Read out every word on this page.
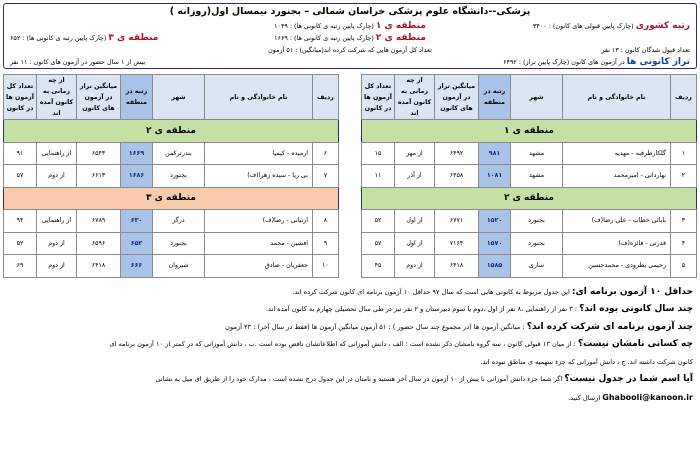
پزشکی--دانشگاه علوم پزشکی خراسان شمالی – بجنورد نیمسال اول(روزانه )
رتبه کشوری (چارک پایین قبولی های کانون) : ۳۴۰۰
منطقه ی ۱ (چارک پایین رتبه ی کانونی ها) : ۱۰۴۹
منطقه ی ۲ (چارک پایین رتبه ی کانونی ها) : ۱۶۶۹
منطقه ی ۳ (چارک پایین رتبه ی کانونی ها) : ۶۵۲
تعداد قبول شدگان کانون : ۱۳ نفر
تعداد کل آزمون هایی که شرکت کرده اند(میانگین) : ۵۱ آزمون
تراز کانونی ها در آزمون های کانون (چارک پایین تراز) : ۶۴۹۲
بیش از ۱ سال حضور در آزمون های کانون : ۱۱ نفر
ردیف	نام خانوادگی و نام	شهر	رتبه در منطقه	میانگین تراز در آزمون های کانون	از چه زمانی به کانون آمده اند	تعداد کل آزمون ها در کانون
منطقه ی ۱						
۱	گلکارطرفبه - مهدیه	مشهد	۹۸۱	۶۴۹۲	از مهر	۱۵
۲	نهاردانی - امیرمحمد	مشهد	۱۰۸۱	۶۴۵۸	از آذر	۱۱
منطقه ی ۲						
۳	بابائی خطاب - علی رضا(ف)	بجنورد	۱۵۲۰	۶۷۷۱	از اول	۵۲
۴	قدرتی - فائزه(ف)	بجنورد	۱۵۷۰	۷۱۶۴	از اول	۵۷
۵	رحیمی یطرودی - محمدحسین	ساری	۱۵۸۵	۶۴۱۸	از دوم	۴۵
ردیف	نام خانوادگی و نام	شهر	رتبه در منطقه	میانگین تراز در آزمون های کانون	از چه زمانی به کانون آمده اند	تعداد کل آزمون ها در کانون
منطقه ی ۲						
۶	ارمیده - کیمیا	بندرترکمن	۱۶۶۹	۶۵۴۳	از راهنمایی	۹۱
۷	بی ریا - سیده زهرا(ف)	بجنورد	۱۶۸۶	۶۶۱۳	از دوم	۵۷
منطقه ی ۳						
۸	ارتیانی - رضا(ف)	درگز	۶۳۰	۶۷۸۹	از راهنمایی	۹۴
۹	افشین - محمد	بجنورد	۶۵۲	۶۵۹۶	از دوم	۵۲
۱۰	جعفریان - صادق	شیروان	۶۶۶	۶۴۱۸	از دوم	۶۹
حداقل ۱۰ آزمون برنامه ای: این جدول مربوط به کانونی هایی است که سال ۹۷ حداقل ۱۰ آزمون برنامه ای کانون شرکت کرده اند.
چند سال کانونی بوده اند؟ : ۳ نفر از راهنمایی ،۸ نفر از اول ،دوم یا سوم دبیرستان و ۲ نفر نیز در طی سال تحصیلی چهارم به کانون آمده اند.
چند آزمون برنامه ای شرکت کرده اند؟ : میانگین آزمون ها (در مجموع چند سال حضور ) : ۵۱ آزمون میانگین آزمون ها (فقط در سال آخر) : ۲۳ آزمون
چه کسانی نامشان نیست؟ : از میان ۱۳ قبولی کانون ، سه گروه نامشان ذکر نشده است : الف ، دانش آموزانی که اطلاعاتشان ناقص بوده است .ب ، دانش آموزانی که در کمتر از ۱۰ آزمون برنامه ای
کانون شرکت داشته اند. ج ، دانش آموزانی که جزء سهمیه ی مناطق نبوده اند.
آیا اسم شما در جدول نیست؟ اگر شما جزء دانش آموزانی با بیش از ۱۰ آزمون در سال آخر هستید و نامتان در این جدول درج نشده است ، مدارک خود را از طریق ای میل به نشانی
Ghabooli@kanoon.ir ارسال کنید.
